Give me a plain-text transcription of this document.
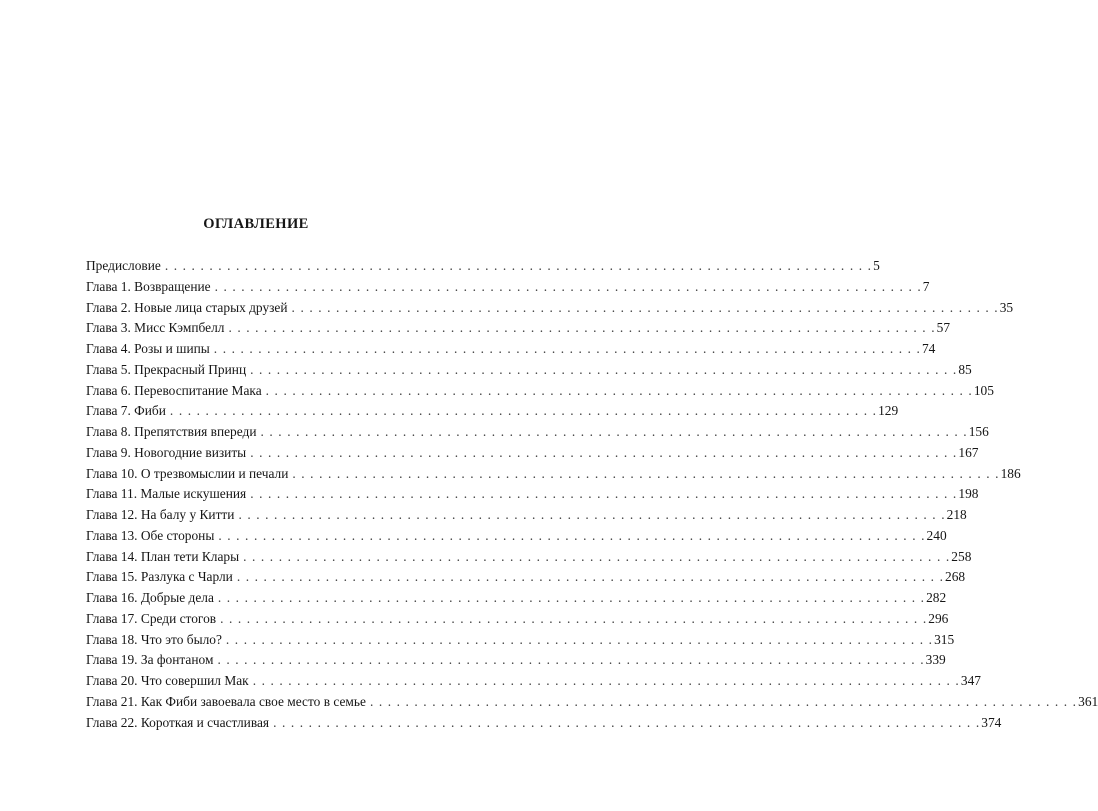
ОГЛАВЛЕНИЕ
Предисловие . . . . . . . . . . . . . . . . . . . . . . . . . . . . . . . . . . . . . . . . . . . . . . . . . . . . . . . . . . . . . . . . . . . . . . . . . . . . . . . . 5
Глава 1. Возвращение . . . . . . . . . . . . . . . . . . . . . . . . . . . . . . . . . . . . . . . . . . . . . . . . . . . . . . . . . . . . . . . . . . . . . . . . . . . . . . . . 7
Глава 2. Новые лица старых друзей . . . . . . . . . . . . . . . . . . . . . . . . . . . . . . . . . . . . . . . . . . . . . . . . . . . . . . . . . . . . . . . . . . . . . . . . . . . . . . . . 35
Глава 3. Мисс Кэмпбелл . . . . . . . . . . . . . . . . . . . . . . . . . . . . . . . . . . . . . . . . . . . . . . . . . . . . . . . . . . . . . . . . . . . . . . . . . . . . . . . . 57
Глава 4. Розы и шипы . . . . . . . . . . . . . . . . . . . . . . . . . . . . . . . . . . . . . . . . . . . . . . . . . . . . . . . . . . . . . . . . . . . . . . . . . . . . . . . . 74
Глава 5. Прекрасный Принц . . . . . . . . . . . . . . . . . . . . . . . . . . . . . . . . . . . . . . . . . . . . . . . . . . . . . . . . . . . . . . . . . . . . . . . . . . . . . . . . 85
Глава 6. Перевоспитание Мака . . . . . . . . . . . . . . . . . . . . . . . . . . . . . . . . . . . . . . . . . . . . . . . . . . . . . . . . . . . . . . . . . . . . . . . . . . . . . . . . 105
Глава 7. Фиби . . . . . . . . . . . . . . . . . . . . . . . . . . . . . . . . . . . . . . . . . . . . . . . . . . . . . . . . . . . . . . . . . . . . . . . . . . . . . . . . 129
Глава 8. Препятствия впереди . . . . . . . . . . . . . . . . . . . . . . . . . . . . . . . . . . . . . . . . . . . . . . . . . . . . . . . . . . . . . . . . . . . . . . . . . . . . . . . . 156
Глава 9. Новогодние визиты . . . . . . . . . . . . . . . . . . . . . . . . . . . . . . . . . . . . . . . . . . . . . . . . . . . . . . . . . . . . . . . . . . . . . . . . . . . . . . . . 167
Глава 10. О трезвомыслии и печали . . . . . . . . . . . . . . . . . . . . . . . . . . . . . . . . . . . . . . . . . . . . . . . . . . . . . . . . . . . . . . . . . . . . . . . . . . . . . . . . 186
Глава 11. Малые искушения . . . . . . . . . . . . . . . . . . . . . . . . . . . . . . . . . . . . . . . . . . . . . . . . . . . . . . . . . . . . . . . . . . . . . . . . . . . . . . . . 198
Глава 12. На балу у Китти . . . . . . . . . . . . . . . . . . . . . . . . . . . . . . . . . . . . . . . . . . . . . . . . . . . . . . . . . . . . . . . . . . . . . . . . . . . . . . . . 218
Глава 13. Обе стороны . . . . . . . . . . . . . . . . . . . . . . . . . . . . . . . . . . . . . . . . . . . . . . . . . . . . . . . . . . . . . . . . . . . . . . . . . . . . . . . . 240
Глава 14. План тети Клары . . . . . . . . . . . . . . . . . . . . . . . . . . . . . . . . . . . . . . . . . . . . . . . . . . . . . . . . . . . . . . . . . . . . . . . . . . . . . . . . 258
Глава 15. Разлука с Чарли . . . . . . . . . . . . . . . . . . . . . . . . . . . . . . . . . . . . . . . . . . . . . . . . . . . . . . . . . . . . . . . . . . . . . . . . . . . . . . . . 268
Глава 16. Добрые дела . . . . . . . . . . . . . . . . . . . . . . . . . . . . . . . . . . . . . . . . . . . . . . . . . . . . . . . . . . . . . . . . . . . . . . . . . . . . . . . . 282
Глава 17. Среди стогов . . . . . . . . . . . . . . . . . . . . . . . . . . . . . . . . . . . . . . . . . . . . . . . . . . . . . . . . . . . . . . . . . . . . . . . . . . . . . . . . 296
Глава 18. Что это было? . . . . . . . . . . . . . . . . . . . . . . . . . . . . . . . . . . . . . . . . . . . . . . . . . . . . . . . . . . . . . . . . . . . . . . . . . . . . . . . . 315
Глава 19. За фонтаном . . . . . . . . . . . . . . . . . . . . . . . . . . . . . . . . . . . . . . . . . . . . . . . . . . . . . . . . . . . . . . . . . . . . . . . . . . . . . . . . 339
Глава 20. Что совершил Мак . . . . . . . . . . . . . . . . . . . . . . . . . . . . . . . . . . . . . . . . . . . . . . . . . . . . . . . . . . . . . . . . . . . . . . . . . . . . . . . . 347
Глава 21. Как Фиби завоевала свое место в семье . . . . . . . . . . . . . . . . . . . . . . . . . . . . . . . . . . . . . . . . . . . . . . . . . . . . . . . . . . . . . . . . . . . . . . . . . . . . . . . . 361
Глава 22. Короткая и счастливая . . . . . . . . . . . . . . . . . . . . . . . . . . . . . . . . . . . . . . . . . . . . . . . . . . . . . . . . . . . . . . . . . . . . . . . . . . . . . . . . 374
